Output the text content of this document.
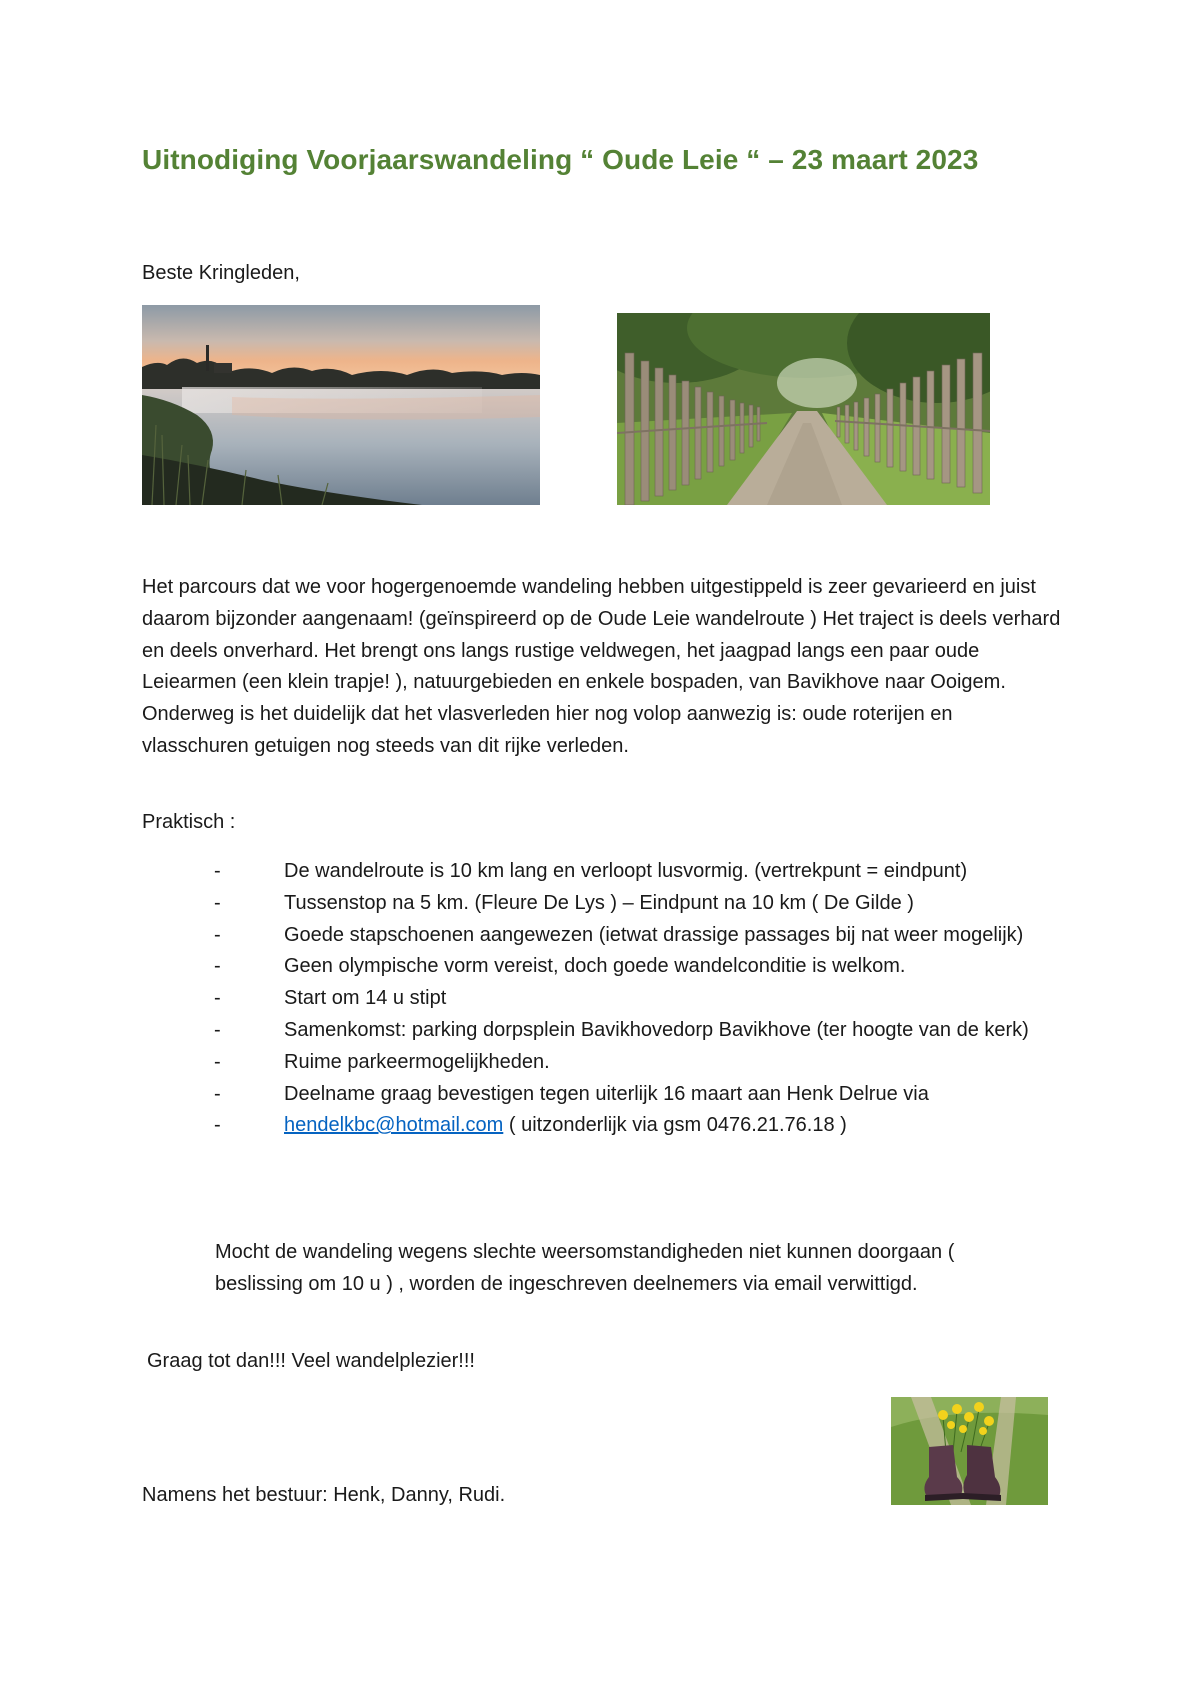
Uitnodiging Voorjaarswandeling “ Oude Leie “ – 23 maart 2023
Beste Kringleden,

Het parcours dat we voor hogergenoemde wandeling hebben uitgestippeld is zeer gevarieerd en juist daarom bijzonder aangenaam! (geïnspireerd op de Oude Leie wandelroute ) Het traject is deels verhard en deels onverhard. Het brengt ons langs rustige veldwegen, het jaagpad langs een paar oude Leiearmen (een klein trapje! ), natuurgebieden en enkele bospaden, van Bavikhove naar Ooigem. Onderweg is het duidelijk dat het vlasverleden hier nog volop aanwezig is: oude roterijen en vlasschuren getuigen nog steeds van dit rijke verleden.

Praktisch :
-	De wandelroute is 10 km lang en verloopt lusvormig. (vertrekpunt = eindpunt)
-	Tussenstop na 5 km. (Fleure De Lys ) – Eindpunt na 10 km ( De Gilde )
-	Goede stapschoenen aangewezen (ietwat drassige passages bij nat weer mogelijk)
-	Geen olympische vorm vereist, doch goede wandelconditie is welkom.
-	Start om 14 u stipt
-	Samenkomst: parking dorpsplein Bavikhovedorp Bavikhove (ter hoogte van de kerk)
-	Ruime parkeermogelijkheden.
-	Deelname graag bevestigen tegen uiterlijk 16 maart aan Henk Delrue via
-	hendelkbc@hotmail.com ( uitzonderlijk via gsm 0476.21.76.18 )

Mocht de wandeling wegens slechte weersomstandigheden niet kunnen doorgaan ( beslissing om 10 u ) , worden de ingeschreven deelnemers via email verwittigd.

Graag tot dan!!! Veel wandelplezier!!!
Namens het bestuur: Henk, Danny, Rudi.
